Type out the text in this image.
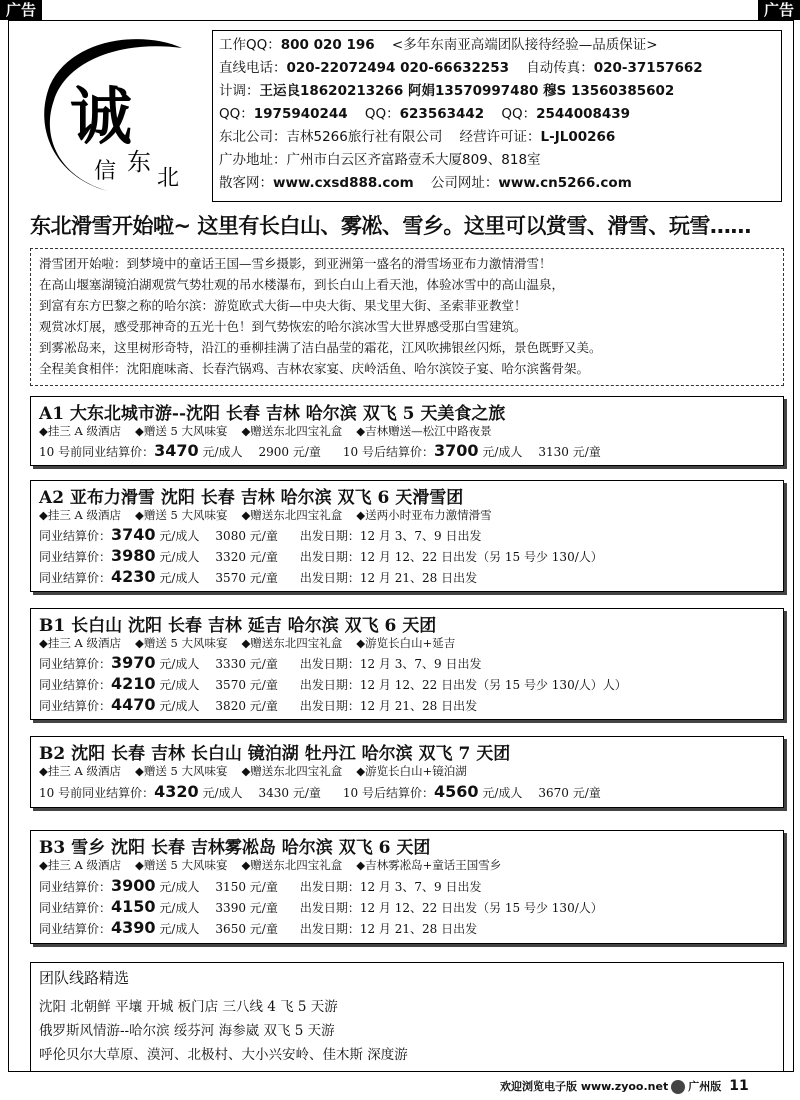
广告	广告
诚
信 东
北
工作QQ：800 020 196 <多年东南亚高端团队接待经验—品质保证>
直线电话：020-22072494 020-66632253 自动传真：020-37157662
计调：王运良18620213266 阿娟13570997480 穆S 13560385602
QQ：1975940244 QQ：623563442 QQ：2544008439
东北公司：吉林5266旅行社有限公司 经营许可证：L-JL00266
广办地址：广州市白云区齐富路壹禾大厦809、818室
散客网：www.cxsd888.com 公司网址：www.cn5266.com
东北滑雪开始啦~ 这里有长白山、雾凇、雪乡。这里可以赏雪、滑雪、玩雪……
滑雪团开始啦：到梦境中的童话王国—雪乡摄影，到亚洲第一盛名的滑雪场亚布力激情滑雪！
在高山堰塞湖镜泊湖观赏气势壮观的吊水楼瀑布，到长白山上看天池，体验冰雪中的高山温泉，
到富有东方巴黎之称的哈尔滨：游览欧式大街—中央大街、果戈里大街、圣索菲亚教堂！
观赏冰灯展，感受那神奇的五光十色！到气势恢宏的哈尔滨冰雪大世界感受那白雪建筑。
到雾凇岛来，这里树形奇特，沿江的垂柳挂满了洁白晶莹的霜花，江风吹拂银丝闪烁，景色既野又美。
全程美食相伴：沈阳鹿味斋、长春汽锅鸡、吉林农家宴、庆岭活鱼、哈尔滨饺子宴、哈尔滨酱骨架。
A1 大东北城市游--沈阳 长春 吉林 哈尔滨 双飞 5 天美食之旅
◆挂三 A 级酒店 ◆赠送 5 大风味宴 ◆赠送东北四宝礼盒 ◆吉林赠送—松江中路夜景
10 号前同业结算价：3470 元/成人 2900 元/童 10 号后结算价：3700 元/成人 3130 元/童
A2 亚布力滑雪 沈阳 长春 吉林 哈尔滨 双飞 6 天滑雪团
◆挂三 A 级酒店 ◆赠送 5 大风味宴 ◆赠送东北四宝礼盒 ◆送两小时亚布力激情滑雪
同业结算价：3740 元/成人 3080 元/童 出发日期：12 月 3、7、9 日出发
同业结算价：3980 元/成人 3320 元/童 出发日期：12 月 12、22 日出发（另 15 号少 130/人）
同业结算价：4230 元/成人 3570 元/童 出发日期：12 月 21、28 日出发
B1 长白山 沈阳 长春 吉林 延吉 哈尔滨 双飞 6 天团
◆挂三 A 级酒店 ◆赠送 5 大风味宴 ◆赠送东北四宝礼盒 ◆游览长白山+延吉
同业结算价：3970 元/成人 3330 元/童 出发日期：12 月 3、7、9 日出发
同业结算价：4210 元/成人 3570 元/童 出发日期：12 月 12、22 日出发（另 15 号少 130/人）人）
同业结算价：4470 元/成人 3820 元/童 出发日期：12 月 21、28 日出发
B2 沈阳 长春 吉林 长白山 镜泊湖 牡丹江 哈尔滨 双飞 7 天团
◆挂三 A 级酒店 ◆赠送 5 大风味宴 ◆赠送东北四宝礼盒 ◆游览长白山+镜泊湖
10 号前同业结算价：4320 元/成人 3430 元/童 10 号后结算价：4560 元/成人 3670 元/童
B3 雪乡 沈阳 长春 吉林雾凇岛 哈尔滨 双飞 6 天团
◆挂三 A 级酒店 ◆赠送 5 大风味宴 ◆赠送东北四宝礼盒 ◆吉林雾凇岛+童话王国雪乡
同业结算价：3900 元/成人 3150 元/童 出发日期：12 月 3、7、9 日出发
同业结算价：4150 元/成人 3390 元/童 出发日期：12 月 12、22 日出发（另 15 号少 130/人）
同业结算价：4390 元/成人 3650 元/童 出发日期：12 月 21、28 日出发
团队线路精选
沈阳 北朝鲜 平壤 开城 板门店 三八线 4 飞 5 天游
俄罗斯风情游--哈尔滨 绥芬河 海参崴 双飞 5 天游
呼伦贝尔大草原、漠河、北极村、大小兴安岭、佳木斯 深度游
欢迎浏览电子版 www.zyoo.net 广州版 11
